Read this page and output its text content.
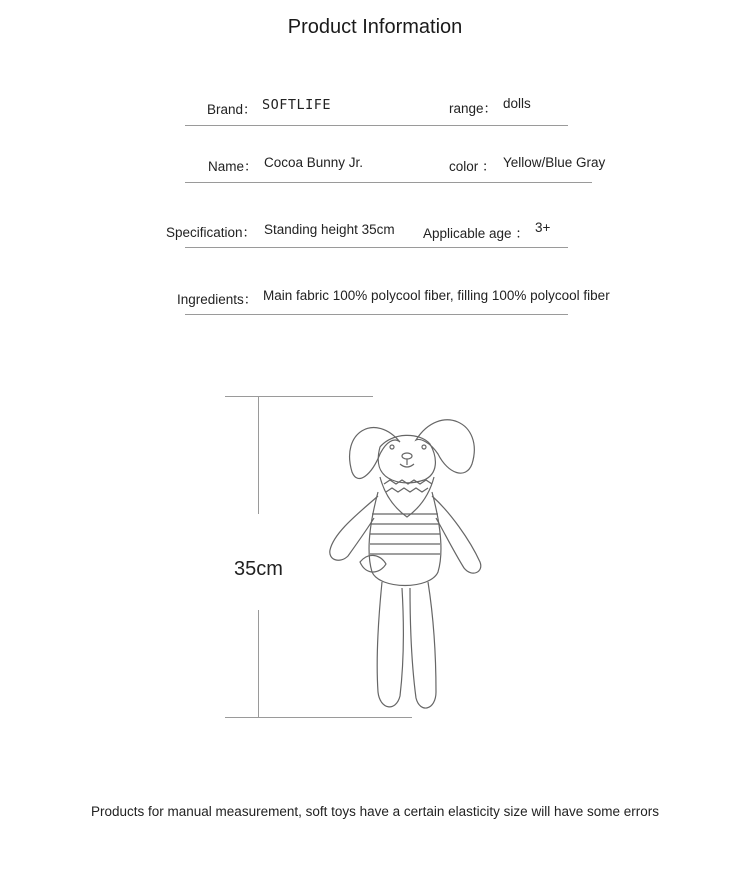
Product Information
Brand： SOFTLIFE	range： dolls
Name： Cocoa Bunny Jr.	color ： Yellow/Blue Gray
Specification： Standing height 35cm Applicable age ： 3+
Ingredients： Main fabric 100% polycool fiber, filling 100% polycool fiber
35cm
Products for manual measurement, soft toys have a certain elasticity size will have some errors
